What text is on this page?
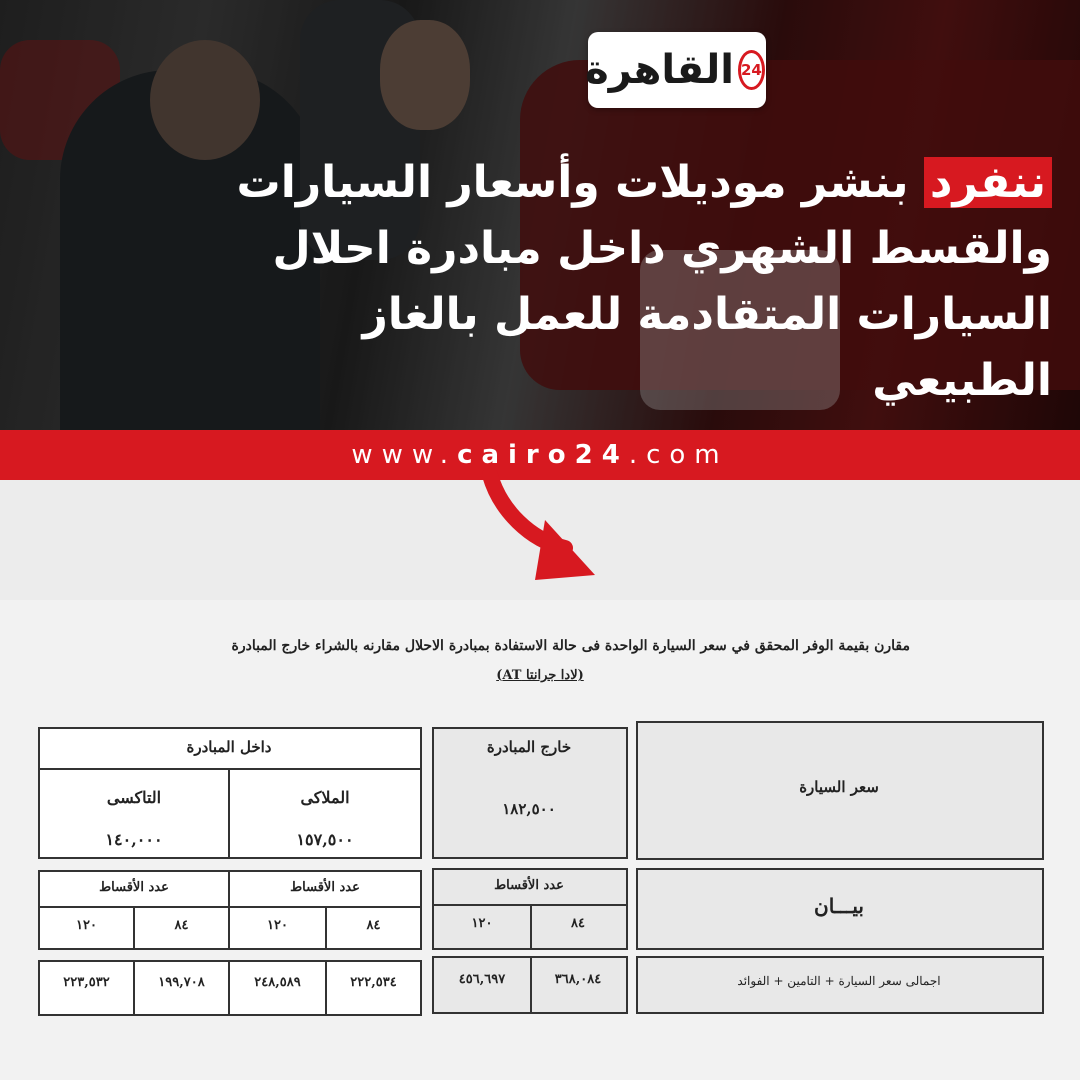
القاهرة 24
ننفرد بنشر موديلات وأسعار السيارات
والقسط الشهري داخل مبادرة احلال
السيارات المتقادمة للعمل بالغاز
الطبيعي
www.cairo24.com
مقارن بقيمة الوفر المحقق في سعر السيارة الواحدة فى حالة الاستفادة بمبادرة الاحلال مقارنه بالشراء خارج المبادرة
(لادا جرانتا AT)
داخل المبادرة
الملاكى
التاكسى
١٥٧,٥٠٠
١٤٠,٠٠٠
خارج المبادرة
١٨٢,٥٠٠
سعر السيارة
عدد الأقساط
عدد الأقساط
٨٤
١٢٠
٨٤
١٢٠
عدد الأقساط
٨٤
١٢٠
بيـــان
٢٢٢,٥٣٤
٢٤٨,٥٨٩
١٩٩,٧٠٨
٢٢٣,٥٣٢	٣٦٨,٠٨٤
٤٥٦,٦٩٧	اجمالى سعر السيارة + التامين + الفوائد
